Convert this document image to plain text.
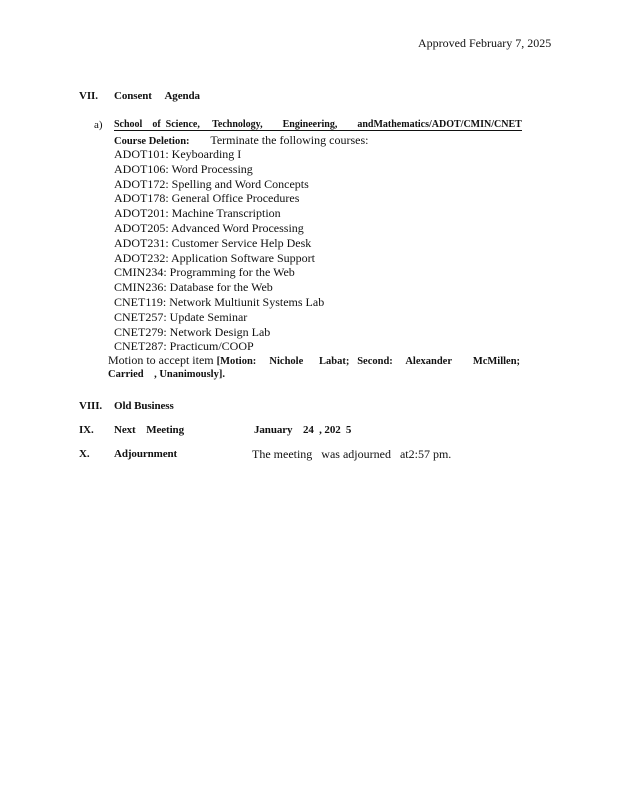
Approved February 7, 2025
VII. Consent     Agenda
a) School    of  Science,     Technology,        Engineering,        andMathematics/ADOT/CMIN/CNET
Course Deletion: Terminate the following courses:
ADOT101: Keyboarding I
ADOT106: Word Processing
ADOT172: Spelling and Word Concepts
ADOT178: General Office Procedures
ADOT201: Machine Transcription
ADOT205: Advanced Word Processing
ADOT231: Customer Service Help Desk
ADOT232: Application Software Support
CMIN234: Programming for the Web
CMIN236: Database for the Web
CNET119: Network Multiunit Systems Lab
CNET257: Update Seminar
CNET279: Network Design Lab
CNET287: Practicum/COOP
Motion to accept item [Motion:     Nichole      Labat;   Second:     Alexander        McMillen;
Carried    , Unanimously].
VIII. Old Business
IX. Next    Meeting	January    24  , 202  5
X. Adjournment	The meeting   was adjourned   at2:57 pm.
